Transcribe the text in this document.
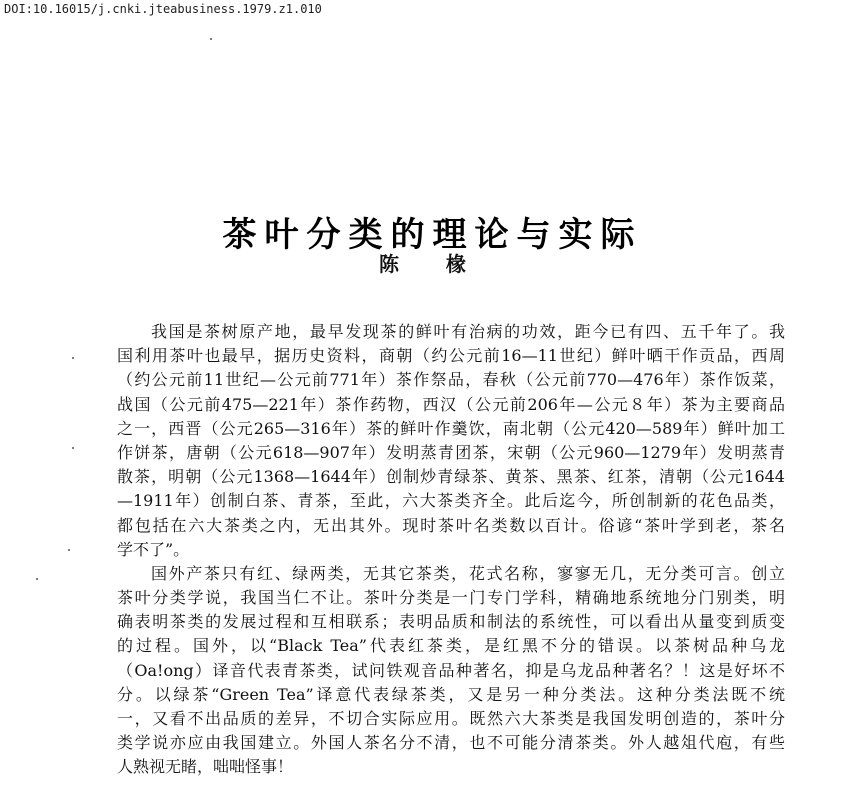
DOI:10.16015/j.cnki.jteabusiness.1979.z1.010
茶叶分类的理论与实际
陈 椽
我国是茶树原产地，最早发现茶的鲜叶有治病的功效，距今已有四、五千年了。我
国利用茶叶也最早，据历史资料，商朝（约公元前16—11世纪）鲜叶晒干作贡品，西周
（约公元前11世纪—公元前771年）茶作祭品，春秋（公元前770—476年）茶作饭菜，
战国（公元前475—221年）茶作药物，西汉（公元前206年—公元８年）茶为主要商品
之一，西晋（公元265—316年）茶的鲜叶作羹饮，南北朝（公元420—589年）鲜叶加工
作饼茶，唐朝（公元618—907年）发明蒸青团茶，宋朝（公元960—1279年）发明蒸青
散茶，明朝（公元1368—1644年）创制炒青绿茶、黄茶、黑茶、红茶，清朝（公元1644
—1911年）创制白茶、青茶，至此，六大茶类齐全。此后迄今，所创制新的花色品类，
都包括在六大茶类之内，无出其外。现时茶叶名类数以百计。俗谚“茶叶学到老，茶名
学不了”。
国外产茶只有红、绿两类，无其它茶类，花式名称，寥寥无几，无分类可言。创立
茶叶分类学说，我国当仁不让。茶叶分类是一门专门学科，精确地系统地分门别类，明
确表明茶类的发展过程和互相联系；表明品质和制法的系统性，可以看出从量变到质变
的过程。国外，以“Black Tea”代表红茶类，是红黑不分的错误。以茶树品种乌龙
（Oa!ong）译音代表青茶类，试问铁观音品种著名，抑是乌龙品种著名？！这是好坏不
分。以绿茶“Green Tea”译意代表绿茶类，又是另一种分类法。这种分类法既不统
一，又看不出品质的差异，不切合实际应用。既然六大茶类是我国发明创造的，茶叶分
类学说亦应由我国建立。外国人茶名分不清，也不可能分清茶类。外人越俎代庖，有些
人熟视无睹，咄咄怪事！
